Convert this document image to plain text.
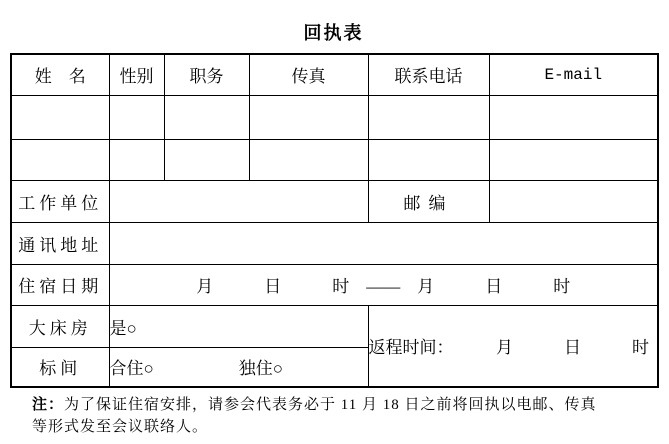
回执表
姓　名	性别	职务	传真	联系电话	E-mail

工作单位				邮编	
通讯地址					
住宿日期	月　　　日　　　时　——　月　　　日　　　时				
大床房	是○			返程时间：　　　月　　　日　　　时	
标间	合住○　　　　　独住○				
注：为了保证住宿安排，请参会代表务必于 11 月 18 日之前将回执以电邮、传真
等形式发至会议联络人。
